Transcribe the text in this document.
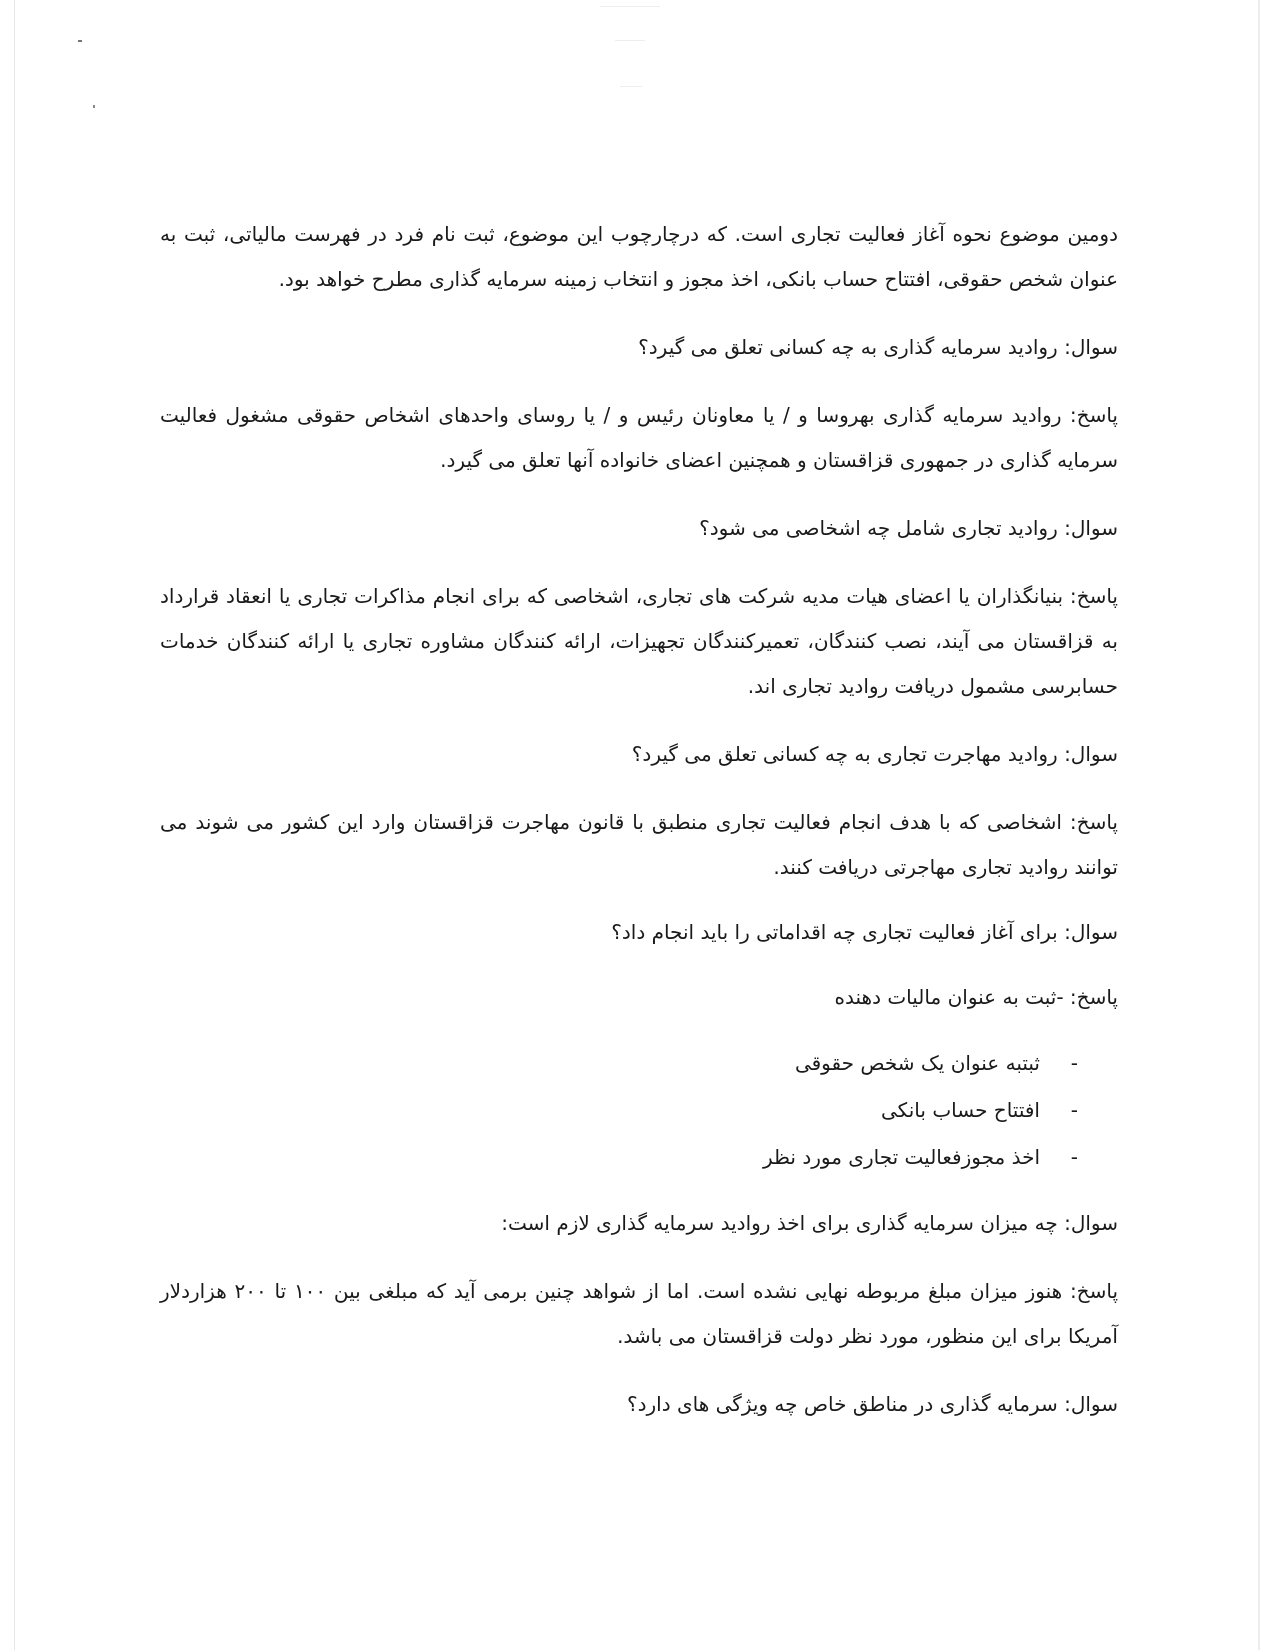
دومین موضوع نحوه آغاز فعالیت تجاری است. که درچارچوب این موضوع، ثبت نام فرد در فهرست مالیاتی، ثبت به عنوان شخص حقوقی، افتتاح حساب بانکی، اخذ مجوز و انتخاب زمینه سرمایه گذاری مطرح خواهد بود.

سوال: روادید سرمایه گذاری به چه کسانی تعلق می گیرد؟

پاسخ: روادید سرمایه گذاری بهروسا و / یا معاونان رئیس و / یا روسای واحدهای اشخاص حقوقی مشغول فعالیت سرمایه گذاری در جمهوری قزاقستان و همچنین اعضای خانواده آنها تعلق می گیرد.

سوال: روادید تجاری شامل چه اشخاصی می شود؟

پاسخ: بنیانگذاران یا اعضای هیات مدیه شرکت های تجاری، اشخاصی که برای انجام مذاکرات تجاری یا انعقاد قرارداد به قزاقستان می آیند، نصب کنندگان، تعمیرکنندگان تجهیزات، ارائه کنندگان مشاوره تجاری یا ارائه کنندگان خدمات حسابرسی مشمول دریافت روادید تجاری اند.

سوال: روادید مهاجرت تجاری به چه کسانی تعلق می گیرد؟

پاسخ: اشخاصی که با هدف انجام فعالیت تجاری منطبق با قانون مهاجرت قزاقستان وارد این کشور می شوند می توانند روادید تجاری مهاجرتی دریافت کنند.

سوال: برای آغاز فعالیت تجاری چه اقداماتی را باید انجام داد؟

پاسخ: -ثبت به عنوان مالیات دهنده

-ثبتبه عنوان یک شخص حقوقی
-افتتاح حساب بانکی
-اخذ مجوزفعالیت تجاری مورد نظر

سوال: چه میزان سرمایه گذاری برای اخذ روادید سرمایه گذاری لازم است:

پاسخ: هنوز میزان مبلغ مربوطه نهایی نشده است. اما از شواهد چنین برمی آید که مبلغی بین ۱۰۰ تا ۲۰۰ هزاردلار آمریکا برای این منظور، مورد نظر دولت قزاقستان می باشد.

سوال: سرمایه گذاری در مناطق خاص چه ویژگی های دارد؟
